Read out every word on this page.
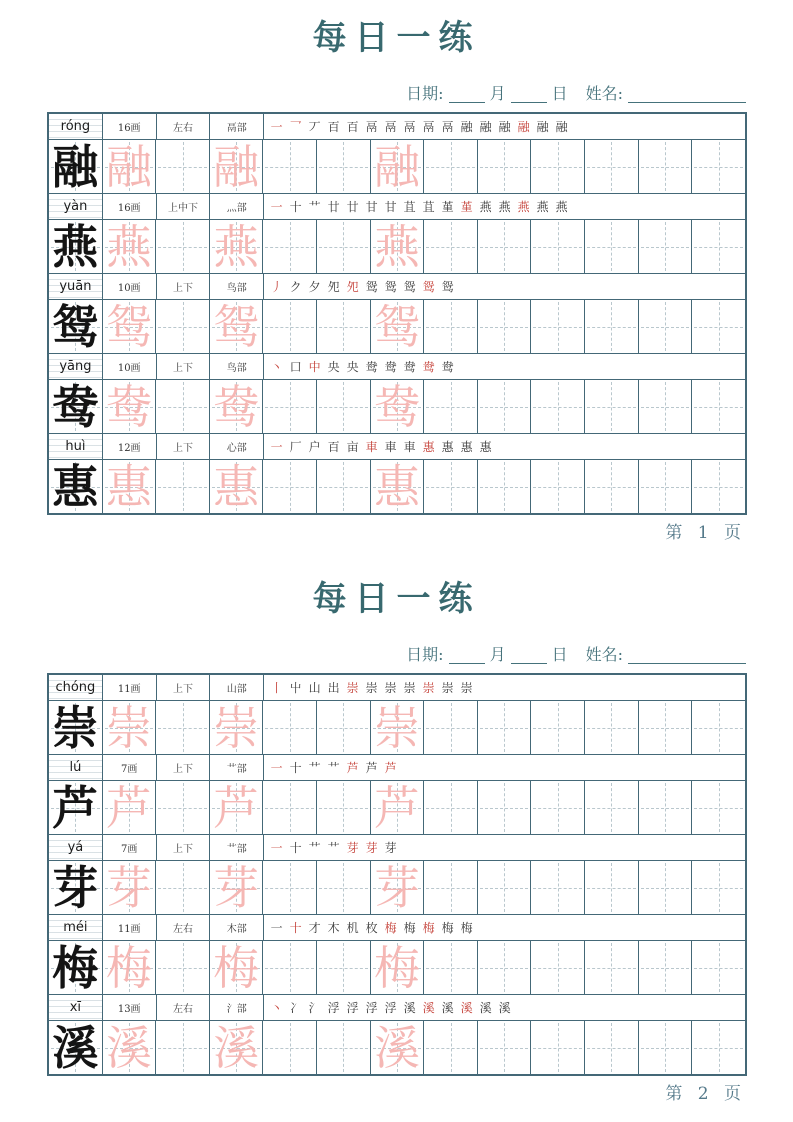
每日一练
日期:	月	日 姓名:
róng	16画	左右	鬲部	一 乛 丆 百 百 鬲 鬲 鬲 鬲 鬲 融 融 融 融 融 融
融 融 融 融
yàn	16画	上中下	灬部	一 十 艹 廿 廿 甘 甘 苴 苴 堇 堇 燕 燕 燕 燕 燕
燕 燕 燕 燕
yuān	10画	上下	鸟部	丿 ク 夕 夗 夗 鸳 鸳 鸳 鸳 鸳
鸳 鸳 鸳 鸳
yāng	10画	上下	鸟部	丶 口 中 央 央 鸯 鸯 鸯 鸯 鸯
鸯 鸯 鸯 鸯
huì	12画	上下	心部	一 厂 户 百 亩 車 車 車 惠 惠 惠 惠
惠 惠 惠 惠
第 1 页
每日一练
日期:	月	日 姓名:
chóng	11画	上下	山部	丨 屮 山 出 崇 崇 崇 崇 崇 崇 崇
崇 崇 崇 崇
lú	7画	上下	艹部	一 十 艹 艹 芦 芦 芦
芦 芦 芦 芦
yá	7画	上下	艹部	一 十 艹 艹 芽 芽 芽
芽 芽 芽 芽
méi	11画	左右	木部	一 十 才 木 机 枚 梅 梅 梅 梅 梅
梅 梅 梅 梅
xī	13画	左右	氵部	丶 冫 氵 浮 浮 浮 浮 溪 溪 溪 溪 溪 溪
溪 溪 溪 溪
第 2 页
